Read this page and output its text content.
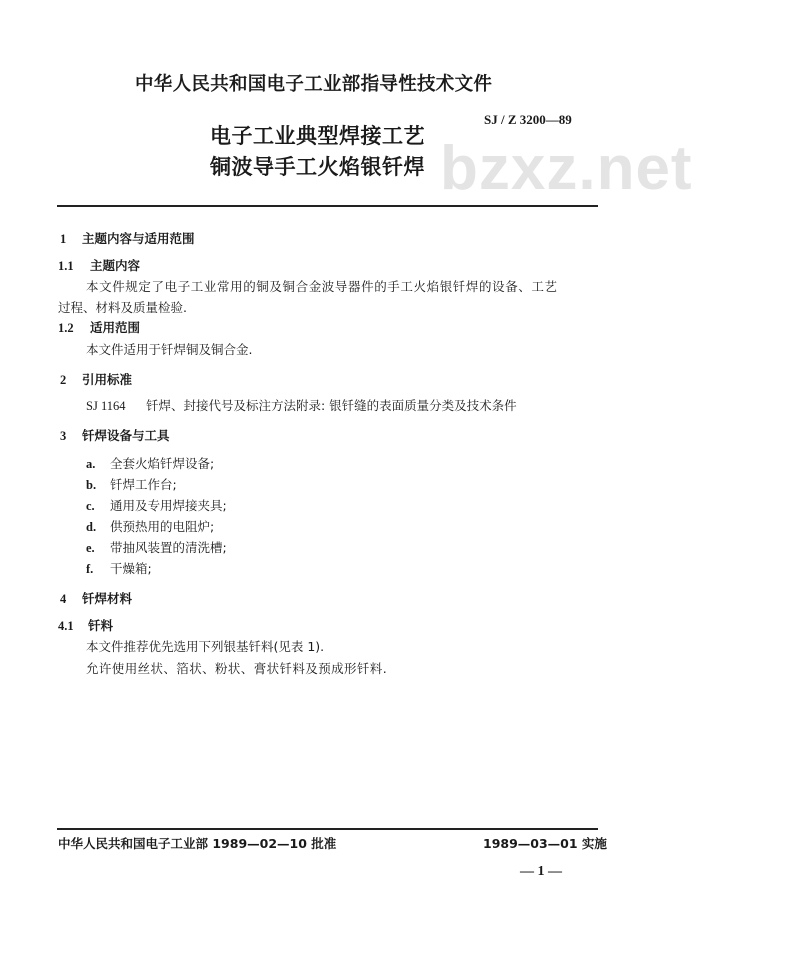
中华人民共和国电子工业部指导性技术文件
SJ / Z 3200—89
bzxz.net
电子工业典型焊接工艺
铜波导手工火焰银钎焊
1 主题内容与适用范围
1.1 主题内容
本文件规定了电子工业常用的铜及铜合金波导器件的手工火焰银钎焊的设备、工艺
过程、材料及质量检验.
1.2 适用范围
本文件适用于钎焊铜及铜合金.
2 引用标准
SJ 1164 钎焊、封接代号及标注方法附录: 银钎缝的表面质量分类及技术条件
3 钎焊设备与工具
a. 全套火焰钎焊设备;
b. 钎焊工作台;
c. 通用及专用焊接夹具;
d. 供预热用的电阻炉;
e. 带抽风装置的清洗槽;
f. 干燥箱;
4 钎焊材料
4.1 钎料
本文件推荐优先选用下列银基钎料(见表 1).
允许使用丝状、箔状、粉状、膏状钎料及预成形钎料.
中华人民共和国电子工业部 1989—02—10 批准	1989—03—01 实施
— 1 —
